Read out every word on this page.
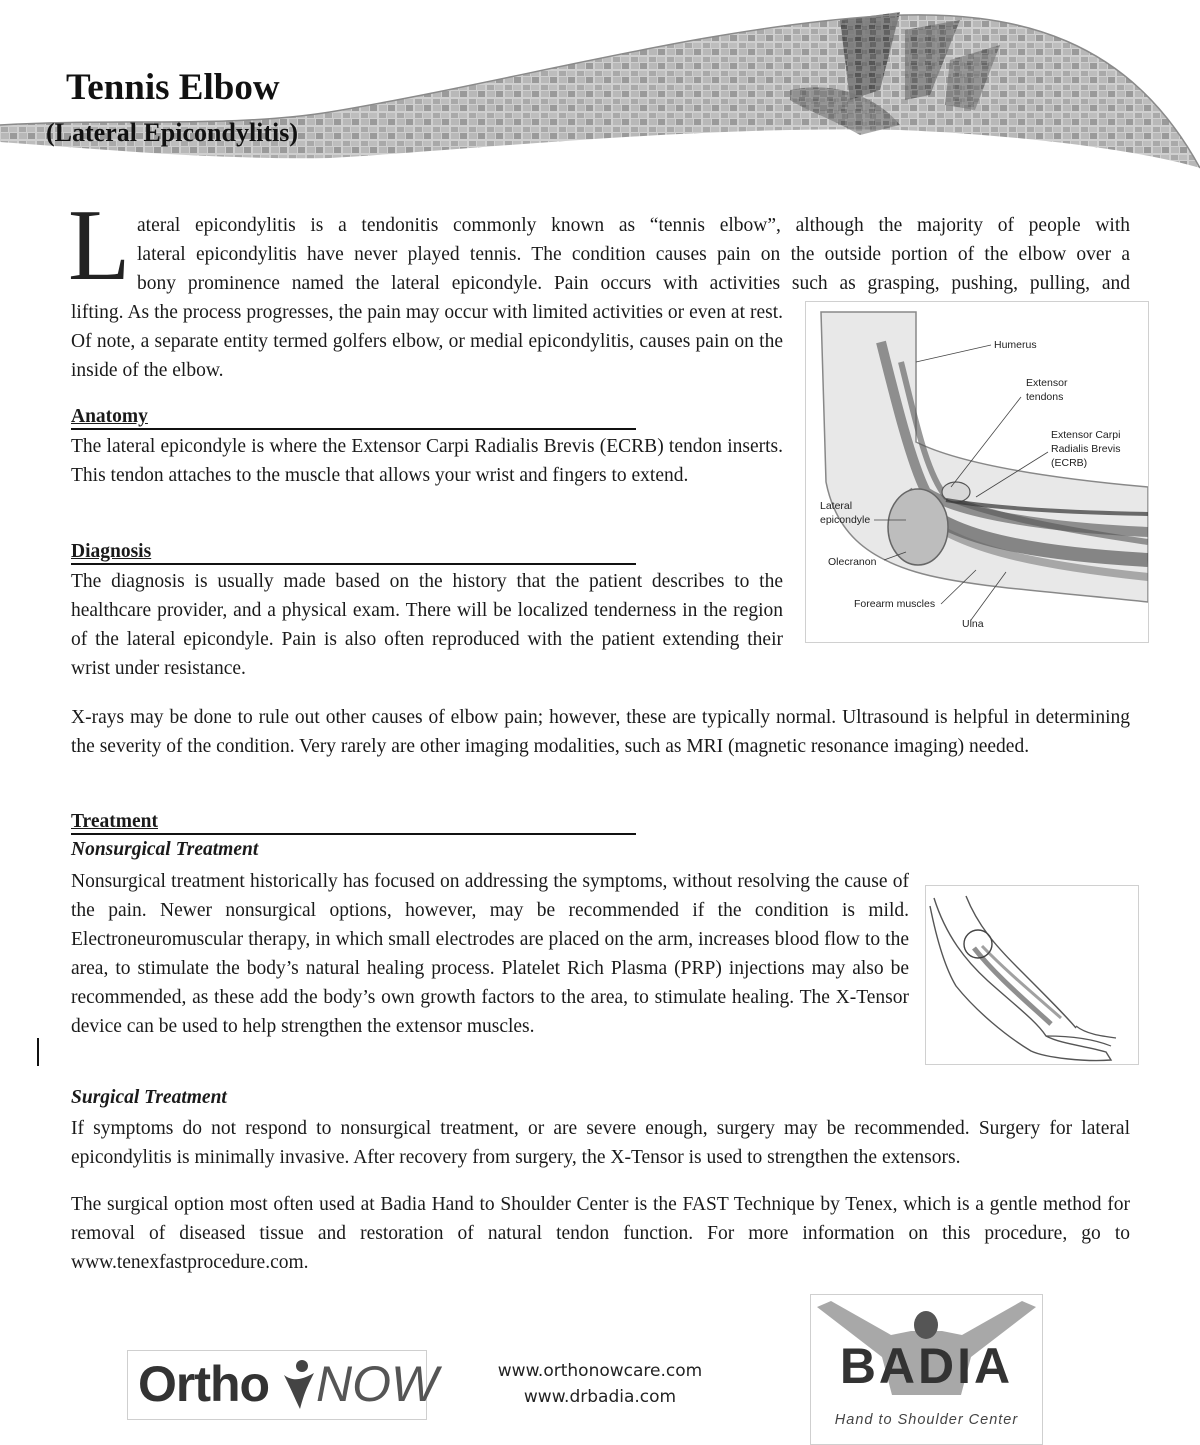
Tennis Elbow
(Lateral Epicondylitis)
L ateral epicondylitis is a tendonitis commonly known as “tennis elbow”, although the majority of people with

lateral epicondylitis have never played tennis. The condition causes pain on the outside portion of the elbow over a

bony prominence named the lateral epicondyle. Pain occurs with activities such as grasping, pushing, pulling, and

lifting. As the process progresses, the pain may occur with limited activities or even at rest. Of note, a separate entity termed golfers elbow, or medial epicondylitis, causes pain on the inside of the elbow.

Anatomy

The lateral epicondyle is where the Extensor Carpi Radialis Brevis (ECRB) tendon inserts. This tendon attaches to the muscle that allows your wrist and fingers to extend.

Diagnosis

The diagnosis is usually made based on the history that the patient describes to the healthcare provider, and a physical exam. There will be localized tenderness in the region of the lateral epicondyle. Pain is also often reproduced with the patient extending their wrist under resistance.

X-rays may be done to rule out other causes of elbow pain; however, these are typically normal. Ultrasound is helpful in determining the severity of the condition. Very rarely are other imaging modalities, such as MRI (magnetic resonance imaging) needed.

Humerus
Extensor
tendons
Extensor Carpi
Radialis Brevis
(ECRB)
Lateral
epicondyle
Olecranon
Forearm muscles
Ulna
Treatment
Nonsurgical Treatment

Nonsurgical treatment historically has focused on addressing the symptoms, without resolving the cause of the pain. Newer nonsurgical options, however, may be recommended if the condition is mild. Electroneuromuscular therapy, in which small electrodes are placed on the arm, increases blood flow to the area, to stimulate the body’s natural healing process. Platelet Rich Plasma (PRP) injections may also be recommended, as these add the body’s own growth factors to the area, to stimulate healing. The X-Tensor device can be used to help strengthen the extensor muscles.

Surgical Treatment

If symptoms do not respond to nonsurgical treatment, or are severe enough, surgery may be recommended. Surgery for lateral epicondylitis is minimally invasive. After recovery from surgery, the X-Tensor is used to strengthen the extensors.

The surgical option most often used at Badia Hand to Shoulder Center is the FAST Technique by Tenex, which is a gentle method for removal of diseased tissue and restoration of natural tendon function. For more information on this procedure, go to www.tenexfastprocedure.com.

Ortho NOW	www.orthonowcare.com
www.drbadia.com
BADIA
Hand to Shoulder Center
